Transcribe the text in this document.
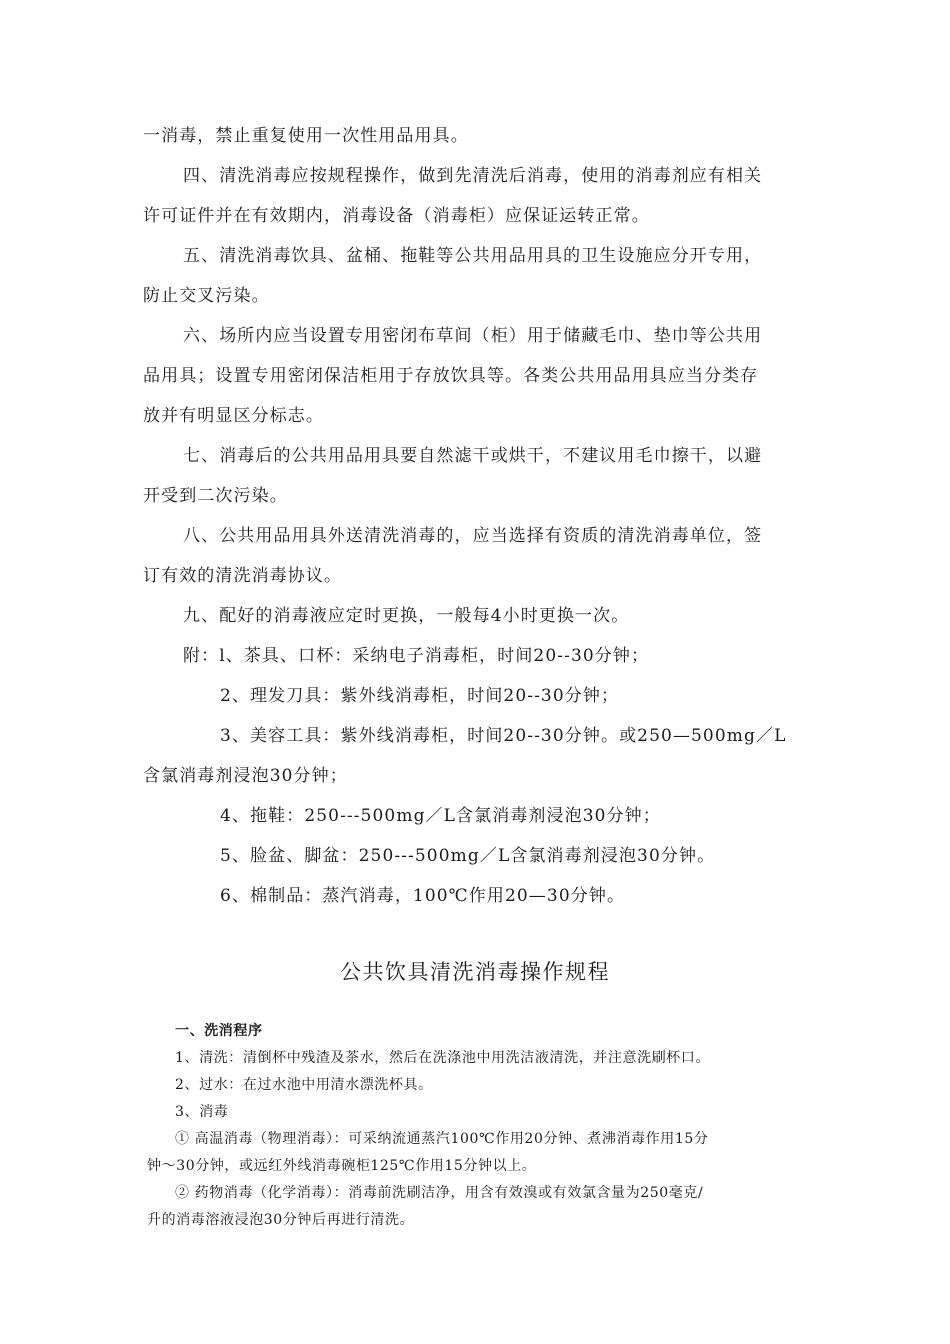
一消毒，禁止重复使用一次性用品用具。
四、清洗消毒应按规程操作，做到先清洗后消毒，使用的消毒剂应有相关
许可证件并在有效期内，消毒设备（消毒柜）应保证运转正常。
五、清洗消毒饮具、盆桶、拖鞋等公共用品用具的卫生设施应分开专用，
防止交叉污染。
六、场所内应当设置专用密闭布草间（柜）用于储藏毛巾、垫巾等公共用
品用具；设置专用密闭保洁柜用于存放饮具等。各类公共用品用具应当分类存
放并有明显区分标志。
七、消毒后的公共用品用具要自然滤干或烘干，不建议用毛巾擦干，以避
开受到二次污染。
八、公共用品用具外送清洗消毒的，应当选择有资质的清洗消毒单位，签
订有效的清洗消毒协议。
九、配好的消毒液应定时更换，一般每4小时更换一次。
附：l、茶具、口杯：采纳电子消毒柜，时间20--30分钟；
2、理发刀具：紫外线消毒柜，时间20--30分钟；
3、美容工具：紫外线消毒柜，时间20--30分钟。或250—500mg／L
含氯消毒剂浸泡30分钟；
4、拖鞋：250---500mg／L含氯消毒剂浸泡30分钟；
5、脸盆、脚盆：250---500mg／L含氯消毒剂浸泡30分钟。
6、棉制品：蒸汽消毒，100℃作用20—30分钟。
公共饮具清洗消毒操作规程
一、洗消程序
1、清洗：清倒杯中残渣及茶水，然后在洗涤池中用洗洁液清洗，并注意洗刷杯口。
2、过水：在过水池中用清水漂洗杯具。
3、消毒
① 高温消毒（物理消毒）：可采纳流通蒸汽100℃作用20分钟、煮沸消毒作用15分
钟～30分钟，或远红外线消毒碗柜125℃作用15分钟以上。
② 药物消毒（化学消毒）：消毒前洗刷洁净，用含有效溴或有效氯含量为250毫克/
升的消毒溶液浸泡30分钟后再进行清洗。
